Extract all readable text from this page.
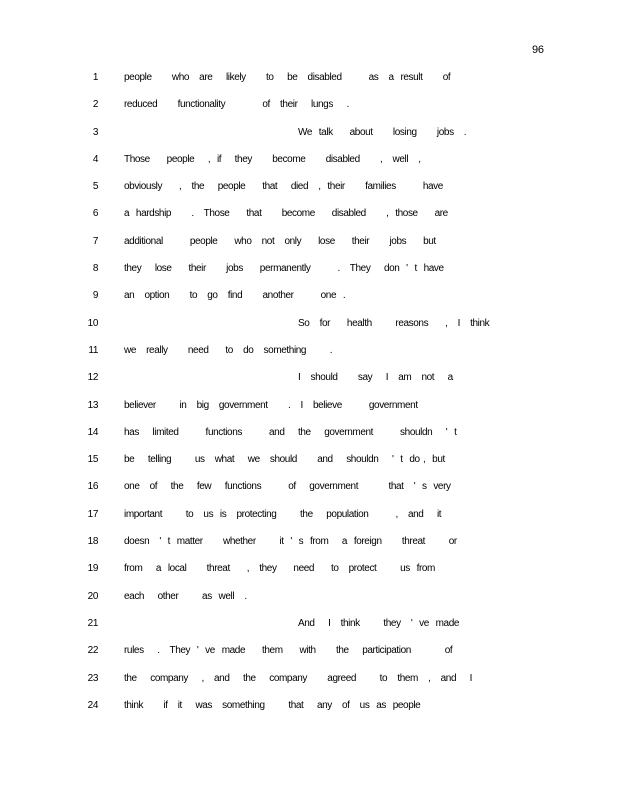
96
1	people      who   are    likely      to    be   disabled        as   a  result      of
2	reduced      functionality           of   their    lungs    .
3	We  talk     about      losing      jobs   .
4	Those     people    ,  if    they      become      disabled      ,   well   ,
5	obviously     ,   the    people     that    died   ,  their      families        have
6	a  hardship      .   Those     that      become     disabled      ,  those     are
7	additional        people     who   not   only     lose     their      jobs     but
8	they    lose     their      jobs     permanently        .   They    don  '  t  have
9	an   option      to   go   find      another        one  .
10	So   for     health       reasons     ,   I   think
11	we   really      need     to   do   something       .
12	I   should      say    I   am   not    a
13	believer       in   big   government      .   I   believe        government
14	has    limited        functions        and    the    government        shouldn    '  t
15	be    telling       us   what    we   should      and    shouldn    '  t  do ,  but
16	one   of    the    few    functions        of    government         that   '  s  very
17	important       to   us  is   protecting       the    population        ,   and    it
18	doesn   '  t  matter      whether       it  '  s  from    a  foreign      threat       or
19	from    a  local      threat     ,   they     need     to   protect       us  from
20	each    other       as  well   .
21	And    I   think       they   '  ve  made
22	rules    .   They  '  ve  made     them     with      the    participation          of
23	the    company    ,   and    the    company      agreed       to   them   ,   and    I
24	think      if   it    was   something       that    any   of   us  as  people
